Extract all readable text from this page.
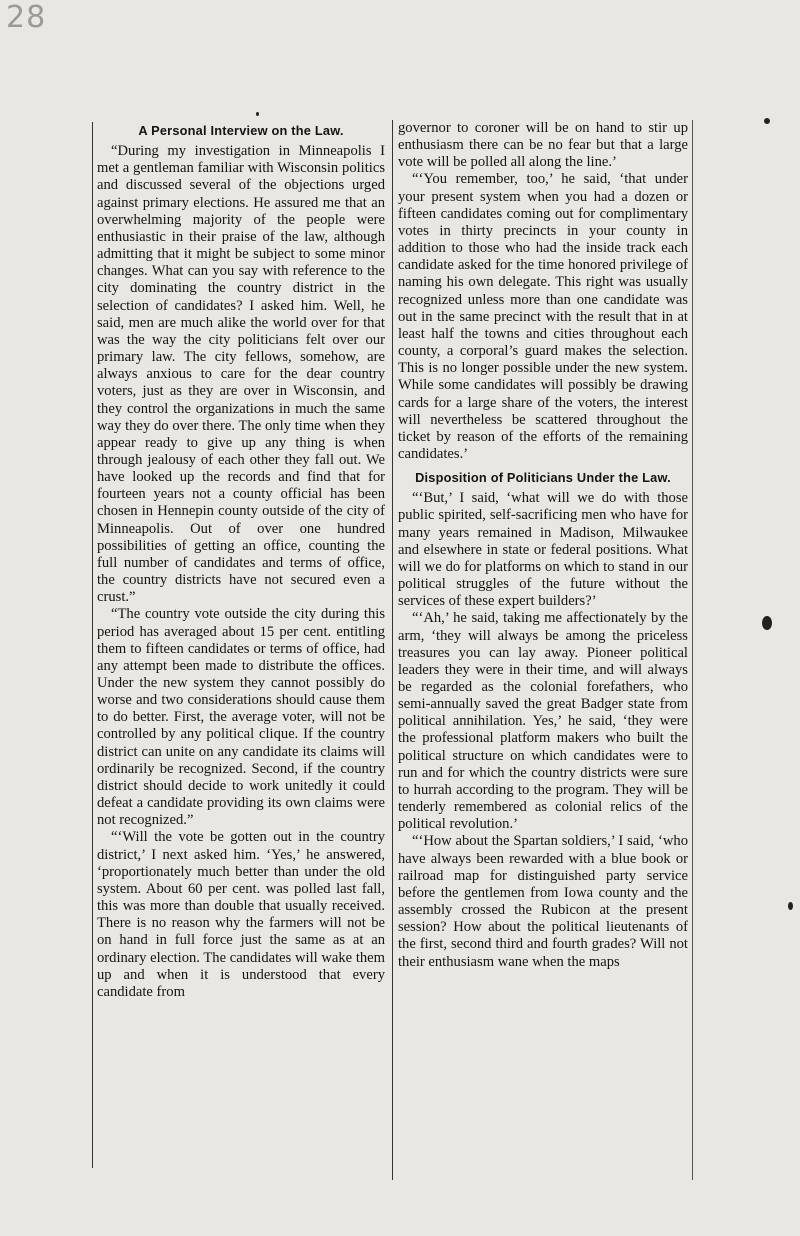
28
A Personal Interview on the Law.

“During my investigation in Minneapolis I met a gentleman familiar with Wisconsin politics and discussed several of the objections urged against primary elections. He assured me that an overwhelming majority of the people were enthusiastic in their praise of the law, although admitting that it might be subject to some minor changes. What can you say with reference to the city dominating the country district in the selection of candidates? I asked him. Well, he said, men are much alike the world over for that was the way the city politicians felt over our primary law. The city fellows, somehow, are always anxious to care for the dear country voters, just as they are over in Wisconsin, and they control the organizations in much the same way they do over there. The only time when they appear ready to give up any thing is when through jealousy of each other they fall out. We have looked up the records and find that for fourteen years not a county official has been chosen in Hennepin county outside of the city of Minneapolis. Out of over one hundred possibilities of getting an office, counting the full number of candidates and terms of office, the country districts have not secured even a crust.”

“The country vote outside the city during this period has averaged about 15 per cent. entitling them to fifteen candidates or terms of office, had any attempt been made to distribute the offices. Under the new system they cannot possibly do worse and two considerations should cause them to do better. First, the average voter, will not be controlled by any political clique. If the country district can unite on any candidate its claims will ordinarily be recognized. Second, if the country district should decide to work unitedly it could defeat a candidate providing its own claims were not recognized.”

“‘Will the vote be gotten out in the country district,’ I next asked him. ‘Yes,’ he answered, ‘proportionately much better than under the old system. About 60 per cent. was polled last fall, this was more than double that usually received. There is no reason why the farmers will not be on hand in full force just the same as at an ordinary election. The candidates will wake them up and when it is understood that every candidate from

governor to coroner will be on hand to stir up enthusiasm there can be no fear but that a large vote will be polled all along the line.’

“‘You remember, too,’ he said, ‘that under your present system when you had a dozen or fifteen candidates coming out for complimentary votes in thirty precincts in your county in addition to those who had the inside track each candidate asked for the time honored privilege of naming his own delegate. This right was usually recognized unless more than one candidate was out in the same precinct with the result that in at least half the towns and cities throughout each county, a corporal’s guard makes the selection. This is no longer possible under the new system. While some candidates will possibly be drawing cards for a large share of the voters, the interest will nevertheless be scattered throughout the ticket by reason of the efforts of the remaining candidates.’

Disposition of Politicians Under the Law.

“‘But,’ I said, ‘what will we do with those public spirited, self-sacrificing men who have for many years remained in Madison, Milwaukee and elsewhere in state or federal positions. What will we do for platforms on which to stand in our political struggles of the future without the services of these expert builders?’

“‘Ah,’ he said, taking me affectionately by the arm, ‘they will always be among the priceless treasures you can lay away. Pioneer political leaders they were in their time, and will always be regarded as the colonial forefathers, who semi-annually saved the great Badger state from political annihilation. Yes,’ he said, ‘they were the professional platform makers who built the political structure on which candidates were to run and for which the country districts were sure to hurrah according to the program. They will be tenderly remembered as colonial relics of the political revolution.’

“‘How about the Spartan soldiers,’ I said, ‘who have always been rewarded with a blue book or railroad map for distinguished party service before the gentlemen from Iowa county and the assembly crossed the Rubicon at the present session? How about the political lieutenants of the first, second third and fourth grades? Will not their enthusiasm wane when the maps
